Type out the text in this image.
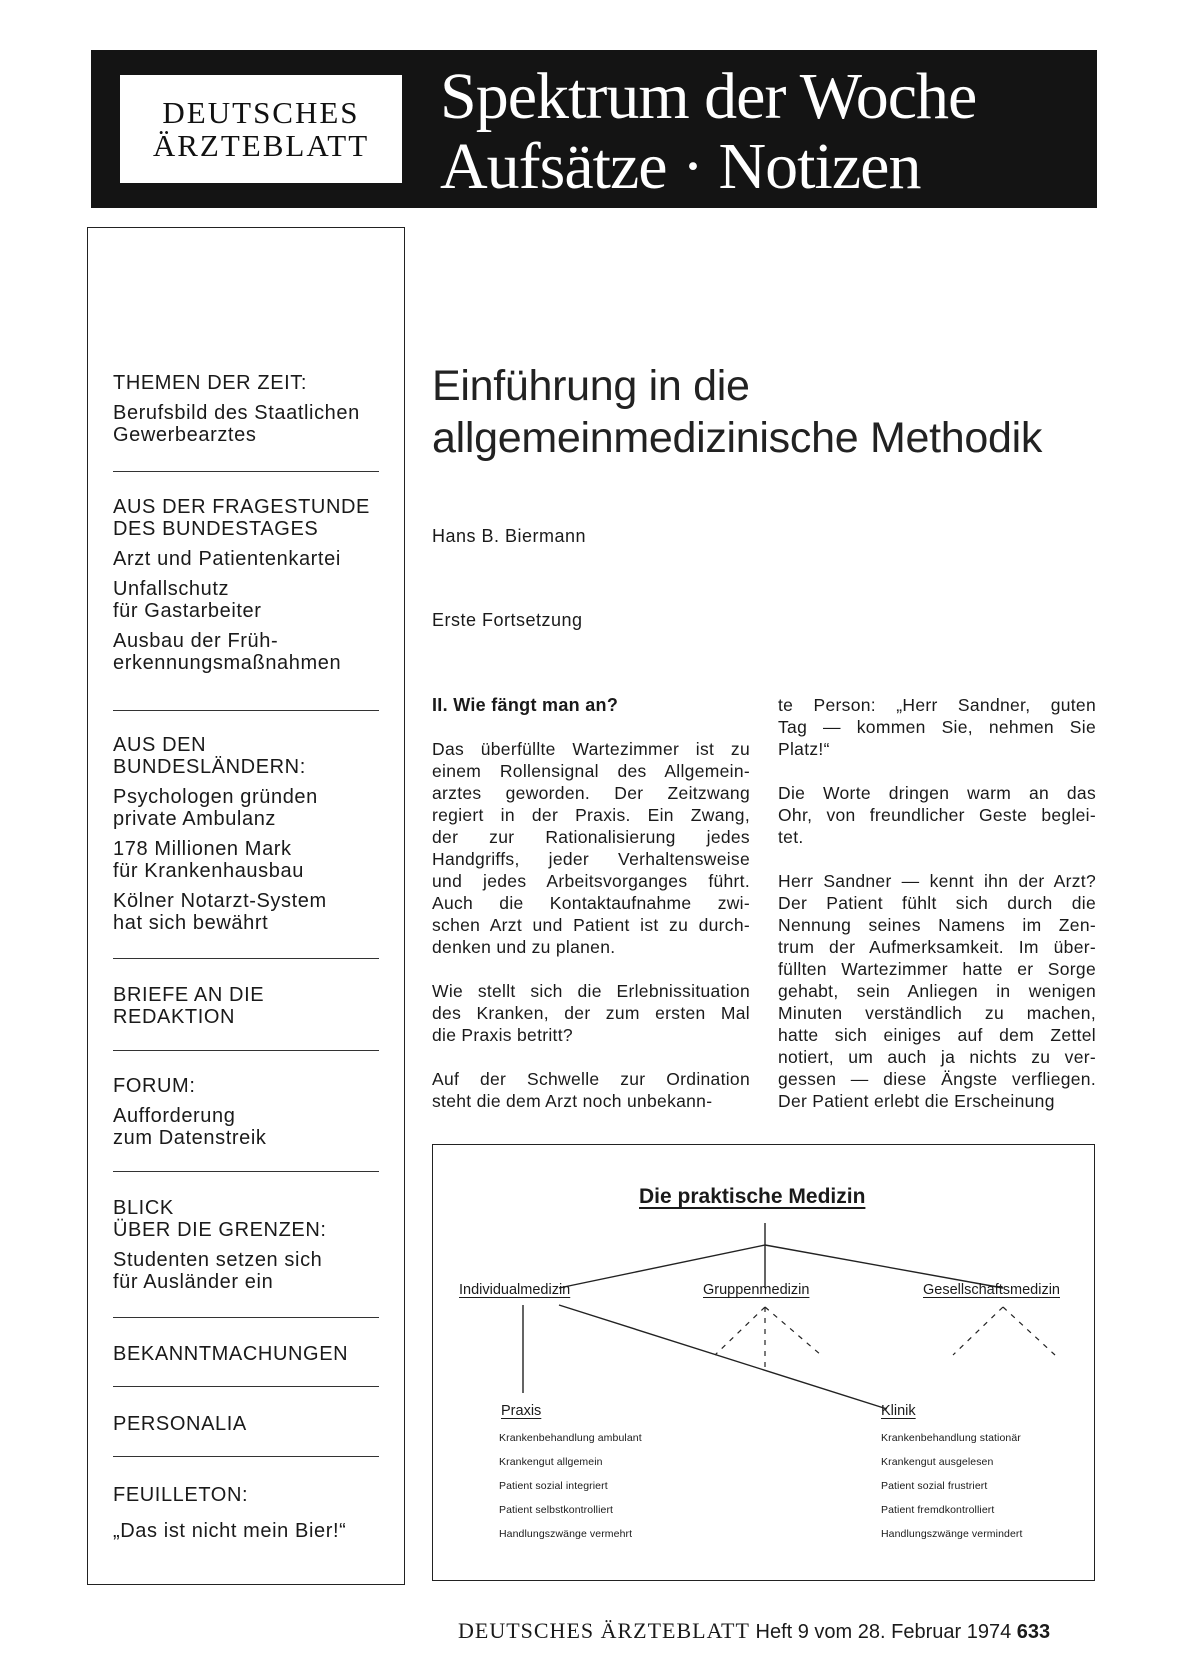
DEUTSCHES
ÄRZTEBLATT
Spektrum der Woche
Aufsätze · Notizen
THEMEN DER ZEIT:
Berufsbild des Staatlichen
Gewerbearztes
AUS DER FRAGESTUNDE
DES BUNDESTAGES
Arzt und Patientenkartei
Unfallschutz
für Gastarbeiter
Ausbau der Früh-
erkennungsmaßnahmen
AUS DEN
BUNDESLÄNDERN:
Psychologen gründen
private Ambulanz
178 Millionen Mark
für Krankenhausbau
Kölner Notarzt-System
hat sich bewährt
BRIEFE AN DIE
REDAKTION
FORUM:
Aufforderung
zum Datenstreik
BLICK
ÜBER DIE GRENZEN:
Studenten setzen sich
für Ausländer ein
BEKANNTMACHUNGEN
PERSONALIA
FEUILLETON:
„Das ist nicht mein Bier!“
Einführung in die
allgemeinmedizinische Methodik
Hans B. Biermann
Erste Fortsetzung
II. Wie fängt man an?
Das überfüllte Wartezimmer ist zu
einem Rollensignal des Allgemein-
arztes geworden. Der Zeitzwang
regiert in der Praxis. Ein Zwang,
der zur Rationalisierung jedes
Handgriffs, jeder Verhaltensweise
und jedes Arbeitsvorganges führt.
Auch die Kontaktaufnahme zwi-
schen Arzt und Patient ist zu durch-
denken und zu planen.
Wie stellt sich die Erlebnissituation
des Kranken, der zum ersten Mal
die Praxis betritt?
Auf der Schwelle zur Ordination
steht die dem Arzt noch unbekann-
te Person: „Herr Sandner, guten
Tag — kommen Sie, nehmen Sie
Platz!“
Die Worte dringen warm an das
Ohr, von freundlicher Geste beglei-
tet.
Herr Sandner — kennt ihn der Arzt?
Der Patient fühlt sich durch die
Nennung seines Namens im Zen-
trum der Aufmerksamkeit. Im über-
füllten Wartezimmer hatte er Sorge
gehabt, sein Anliegen in wenigen
Minuten verständlich zu machen,
hatte sich einiges auf dem Zettel
notiert, um auch ja nichts zu ver-
gessen — diese Ängste verfliegen.
Der Patient erlebt die Erscheinung
Die praktische Medizin
Individualmedizin	Gruppenmedizin	Gesellschaftsmedizin
Praxis
Krankenbehandlung ambulant
Krankengut allgemein
Patient sozial integriert
Patient selbstkontrolliert
Handlungszwänge vermehrt
Klinik
Krankenbehandlung stationär
Krankengut ausgelesen
Patient sozial frustriert
Patient fremdkontrolliert
Handlungszwänge vermindert
DEUTSCHES ÄRZTEBLATT Heft 9 vom 28. Februar 1974 633
